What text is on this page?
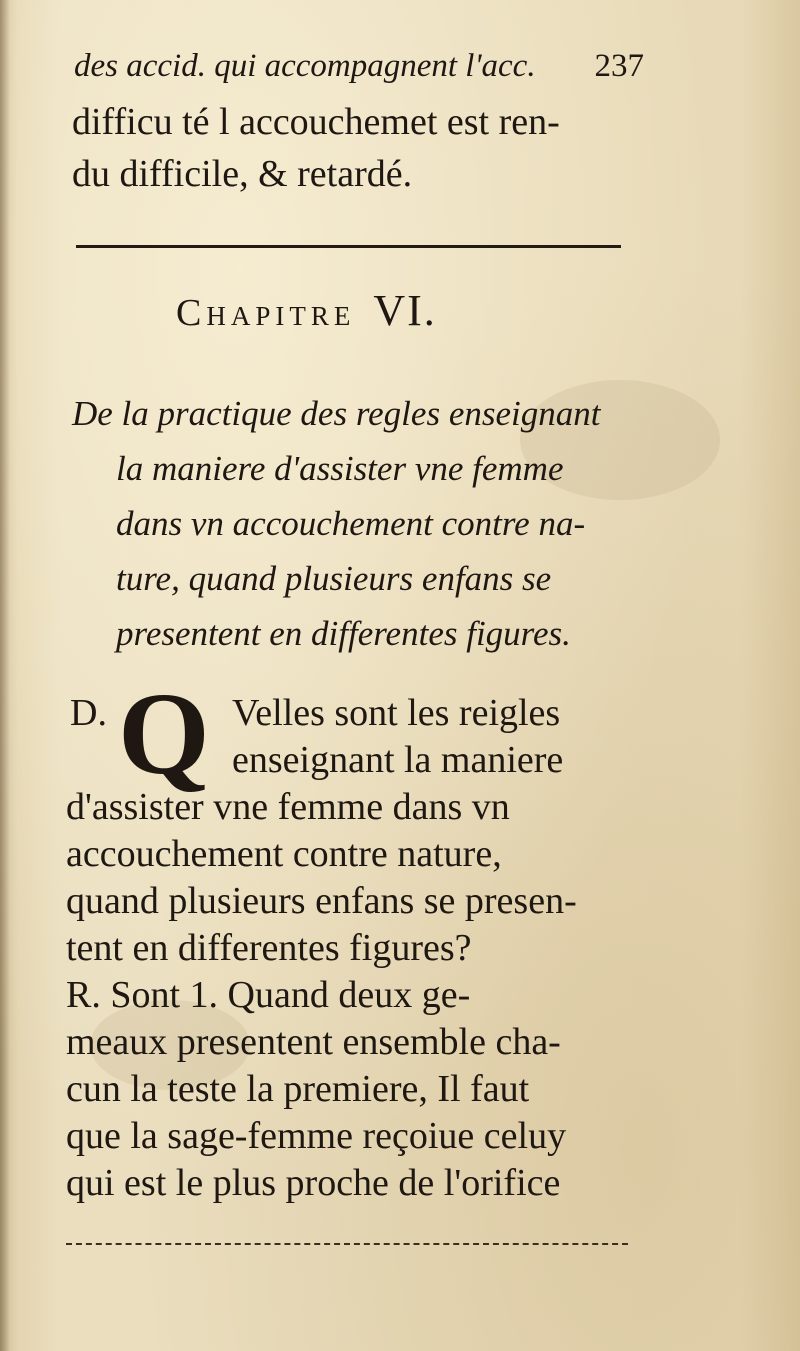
des accid. qui accompagnent l'acc. 237
difficu té l accouchemet est ren-
du difficile, & retardé.
Chapitre VI.
De la practique des regles enseignant
la maniere d'assister vne femme
dans vn accouchement contre na-
ture, quand plusieurs enfans se
presentent en differentes figures.
D. Q Velles sont les reigles
enseignant la maniere
d'assister vne femme dans vn
accouchement contre nature,
quand plusieurs enfans se presen-
tent en differentes figures?
R. Sont 1. Quand deux ge-
meaux presentent ensemble cha-
cun la teste la premiere, Il faut
que la sage-femme reçoiue celuy
qui est le plus proche de l'orifice
